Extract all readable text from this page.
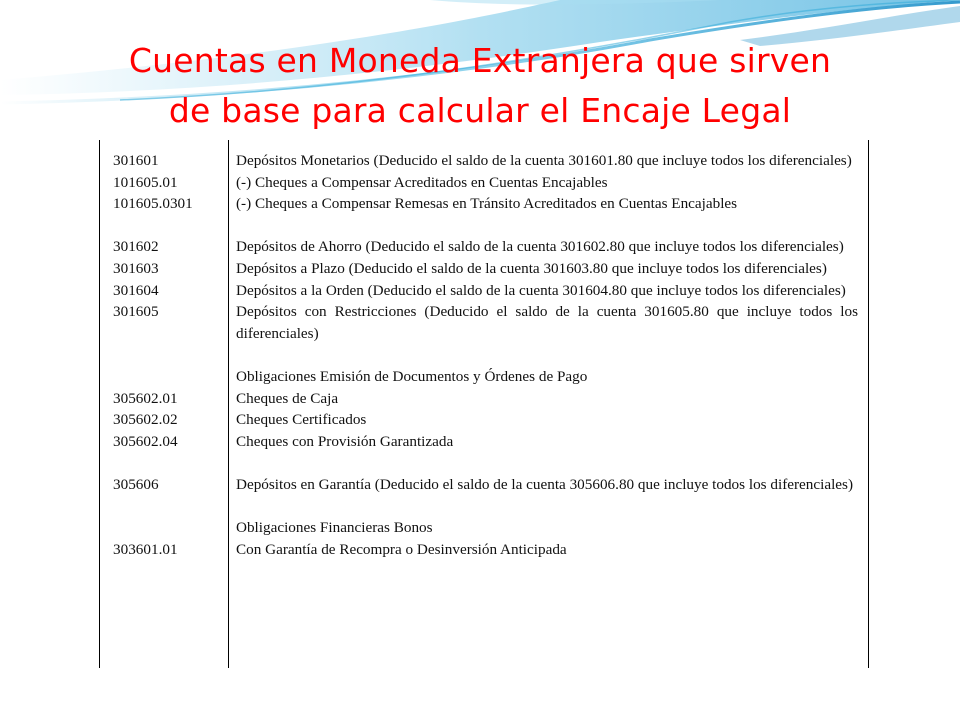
Cuentas en Moneda Extranjera que sirven
de base para calcular el Encaje Legal
301601	Depósitos Monetarios (Deducido el saldo de la cuenta 301601.80 que incluye todos los diferenciales)
101605.01	(-) Cheques a Compensar Acreditados en Cuentas Encajables
101605.0301	(-) Cheques a Compensar Remesas en Tránsito Acreditados en Cuentas Encajables
301602	Depósitos de Ahorro (Deducido el saldo de la cuenta 301602.80 que incluye todos los diferenciales)
301603	Depósitos a Plazo (Deducido el saldo de la cuenta 301603.80 que incluye todos los diferenciales)
301604	Depósitos a la Orden (Deducido el saldo de la cuenta 301604.80 que incluye todos los diferenciales)
301605	Depósitos con Restricciones (Deducido el saldo de la cuenta 301605.80 que incluye todos los diferenciales)
Obligaciones Emisión de Documentos y Órdenes de Pago
305602.01	Cheques de Caja
305602.02	Cheques Certificados
305602.04	Cheques con Provisión Garantizada
305606	Depósitos en Garantía (Deducido el saldo de la cuenta 305606.80 que incluye todos los diferenciales)
Obligaciones Financieras Bonos
303601.01	Con Garantía de Recompra o Desinversión Anticipada
